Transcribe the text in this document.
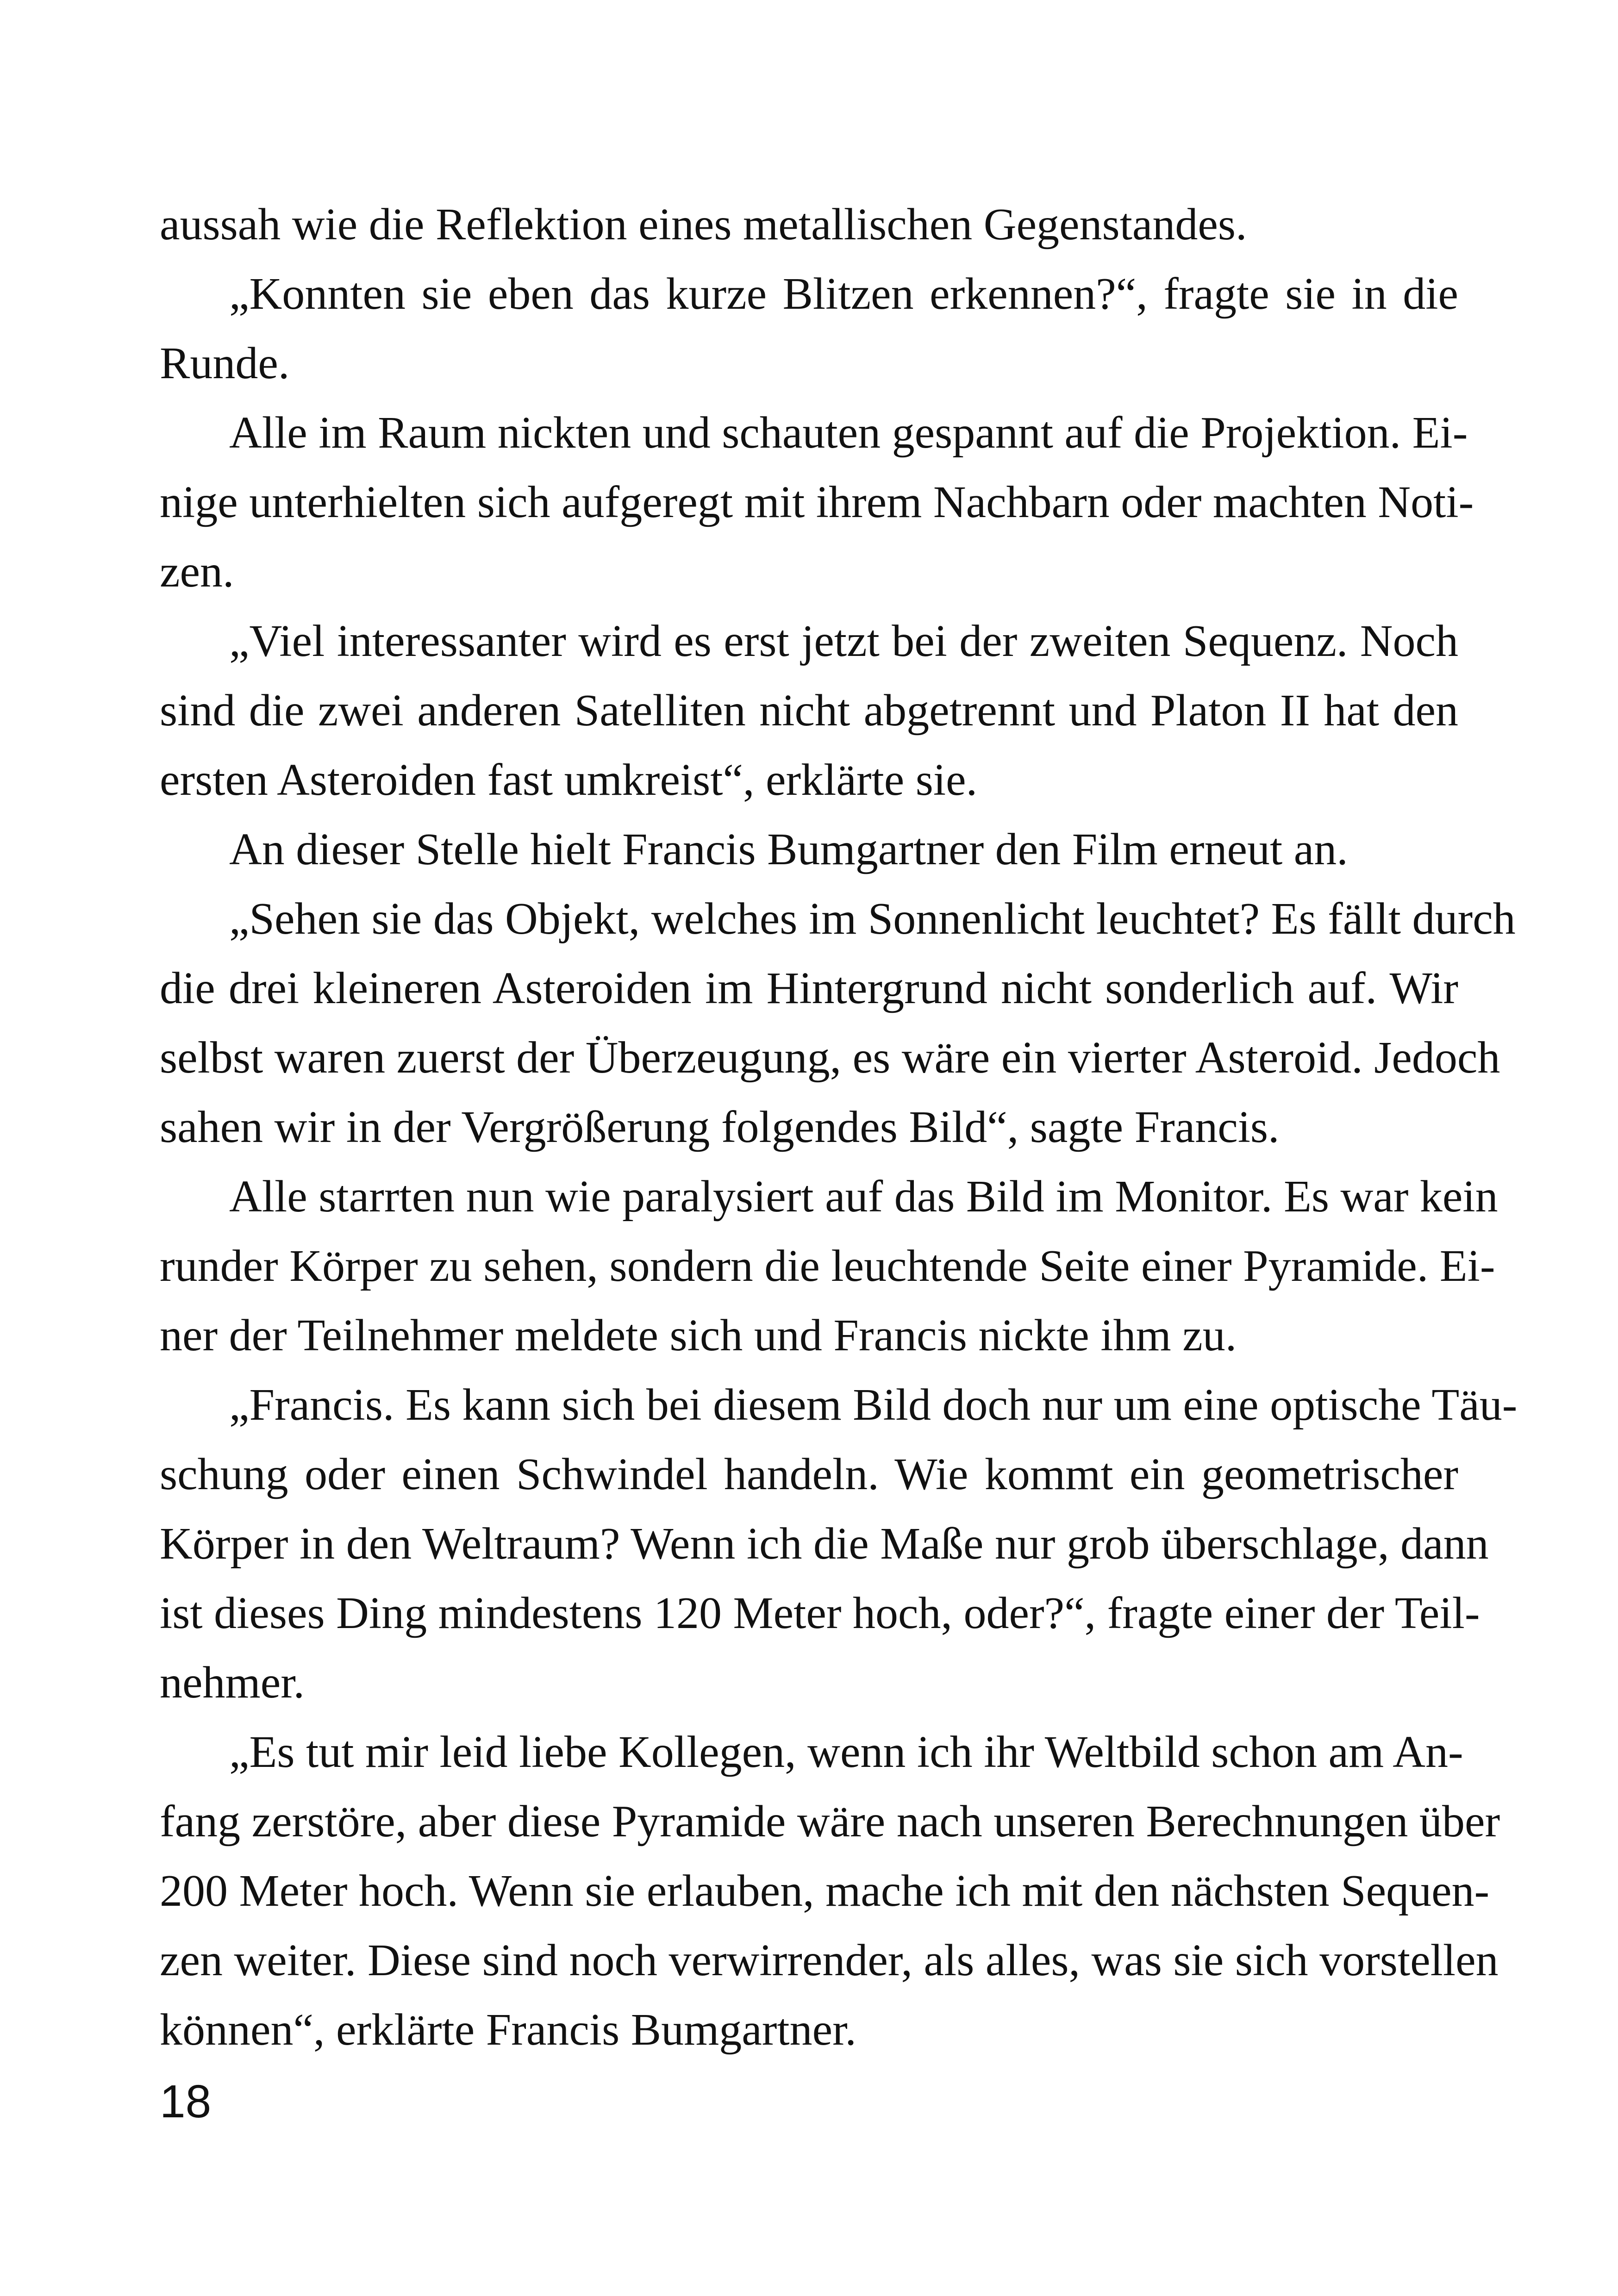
aussah wie die Reflektion eines metallischen Gegenstandes.
„Konnten sie eben das kurze Blitzen erkennen?“, fragte sie in die
Runde.
Alle im Raum nickten und schauten gespannt auf die Projektion. Ei-
nige unterhielten sich aufgeregt mit ihrem Nachbarn oder machten Noti-
zen.
„Viel interessanter wird es erst jetzt bei der zweiten Sequenz. Noch
sind die zwei anderen Satelliten nicht abgetrennt und Platon II hat den
ersten Asteroiden fast umkreist“, erklärte sie.
An dieser Stelle hielt Francis Bumgartner den Film erneut an.
„Sehen sie das Objekt, welches im Sonnenlicht leuchtet? Es fällt durch
die drei kleineren Asteroiden im Hintergrund nicht sonderlich auf. Wir
selbst waren zuerst der Überzeugung, es wäre ein vierter Asteroid. Jedoch
sahen wir in der Vergrößerung folgendes Bild“, sagte Francis.
Alle starrten nun wie paralysiert auf das Bild im Monitor. Es war kein
runder Körper zu sehen, sondern die leuchtende Seite einer Pyramide. Ei-
ner der Teilnehmer meldete sich und Francis nickte ihm zu.
„Francis. Es kann sich bei diesem Bild doch nur um eine optische Täu-
schung oder einen Schwindel handeln. Wie kommt ein geometrischer
Körper in den Weltraum? Wenn ich die Maße nur grob überschlage, dann
ist dieses Ding mindestens 120 Meter hoch, oder?“, fragte einer der Teil-
nehmer.
„Es tut mir leid liebe Kollegen, wenn ich ihr Weltbild schon am An-
fang zerstöre, aber diese Pyramide wäre nach unseren Berechnungen über
200 Meter hoch. Wenn sie erlauben, mache ich mit den nächsten Sequen-
zen weiter. Diese sind noch verwirrender, als alles, was sie sich vorstellen
können“, erklärte Francis Bumgartner.
18
